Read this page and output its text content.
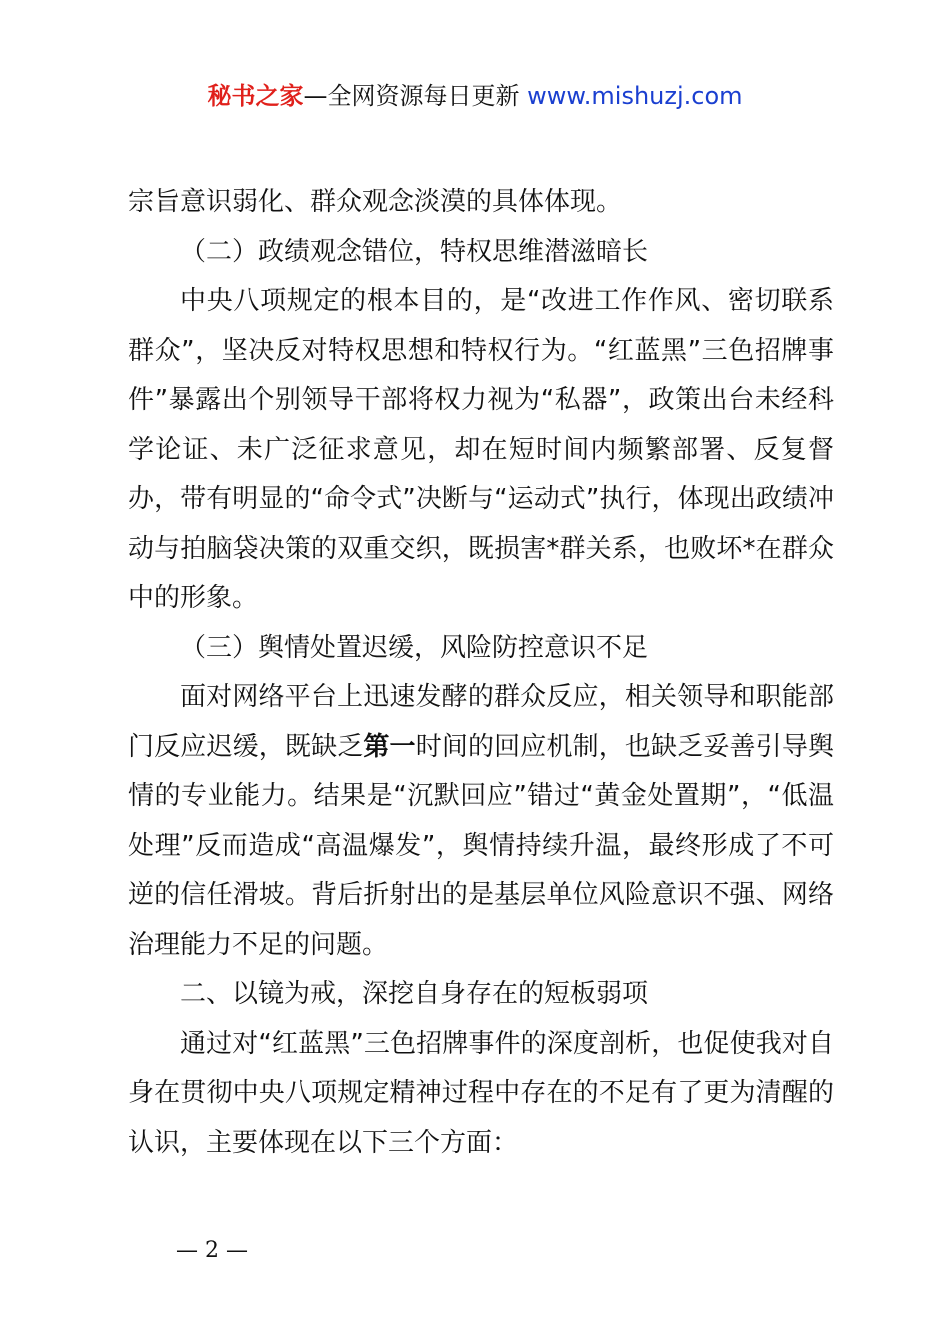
秘书之家—全网资源每日更新 www.mishuzj.com

宗旨意识弱化、群众观念淡漠的具体体现。

（二）政绩观念错位，特权思维潜滋暗长

中央八项规定的根本目的，是“改进工作作风、密切联系群众”，坚决反对特权思想和特权行为。“红蓝黑”三色招牌事件”暴露出个别领导干部将权力视为“私器”，政策出台未经科学论证、未广泛征求意见，却在短时间内频繁部署、反复督办，带有明显的“命令式”决断与“运动式”执行，体现出政绩冲动与拍脑袋决策的双重交织，既损害*群关系，也败坏*在群众中的形象。

（三）舆情处置迟缓，风险防控意识不足

面对网络平台上迅速发酵的群众反应，相关领导和职能部门反应迟缓，既缺乏第一时间的回应机制，也缺乏妥善引导舆情的专业能力。结果是“沉默回应”错过“黄金处置期”，“低温处理”反而造成“高温爆发”，舆情持续升温，最终形成了不可逆的信任滑坡。背后折射出的是基层单位风险意识不强、网络治理能力不足的问题。

二、以镜为戒，深挖自身存在的短板弱项

通过对“红蓝黑”三色招牌事件的深度剖析，也促使我对自身在贯彻中央八项规定精神过程中存在的不足有了更为清醒的认识，主要体现在以下三个方面：

— 2 —
